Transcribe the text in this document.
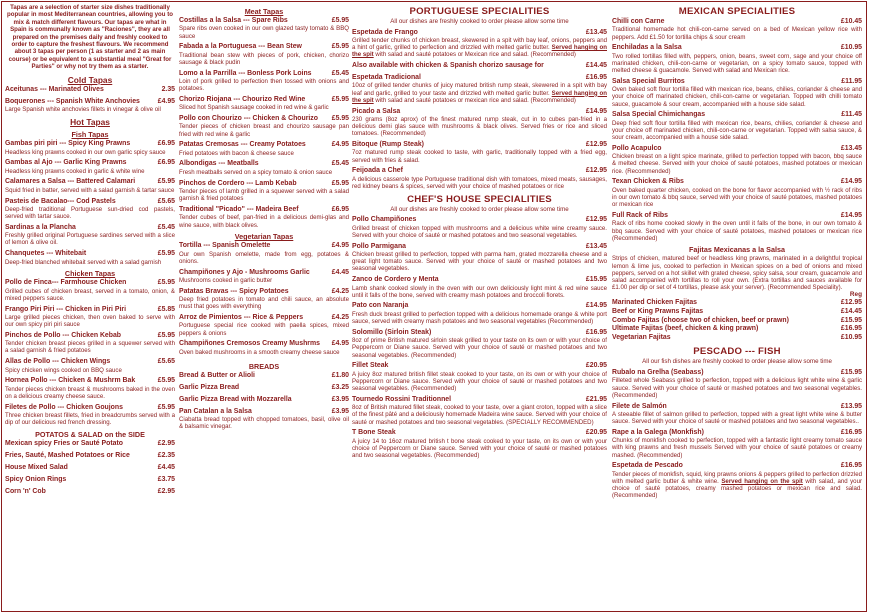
Tapas are a selection of starter size dishes traditionally popular in most Mediterranean countries, allowing you to mix & match different flavours. Our tapas are what in Spain is communally known as "Raciones", they are all prepared on the premises daily and freshly cooked to order to capture the freshest flavours. We recommend about 3 tapas per person (1 as starter and 2 as main course) or be equivalent to a substantial meal "Great for Parties" or why not try them as a starter.
Cold Tapas
Aceitunas --- Marinated Olives	2.35
Boquerones --- Spanish White Anchovies	£4.95
Large Spanish white anchovies fillets in vinegar & olive oil
Hot Tapas
Fish Tapas
Gambas piri piri --- Spicy King Prawns	£6.95
Headless king prawns cooked in our own garlic spicy sauce
Gambas al Ajo --- Garlic King Prawns	£6.95
Headless king prawns cooked in garlic & white wine
Calamares a Salsa --- Battered Calamari	£5.95
Squid fried in batter, served with a salad garnish & tartar sauce
Pasteis de Bacalao--- Cod Pastels	£5.65
Deep-fried traditional Portuguese sun-dried cod pastels, served with tartar sauce.
Sardinas a la Plancha	£5.45
Freshly grilled original Portuguese sardines served with a slice of lemon & olive oil.
Chanquetes --- Whitebait	£5.95
Deep-fried blanched whitebait served with a salad garnish
Chicken Tapas
Pollo de Finca--- Farmhouse Chicken	£5.95
Grilled cubes of chicken breast, served in a tomato, onion, & mixed peppers sauce.
Frango Piri Piri --- Chicken in Piri Piri	£5.85
Large grilled pieces chicken, then oven baked to serve with our own spicy piri piri sauce
Pinchos de Pollo --- Chicken Kebab	£5.95
Tender chicken breast pieces grilled in a squewer served with a salad garnish & fried potatoes
Allas de Pollo --- Chicken Wings	£5.65
Spicy chicken wings cooked on BBQ sauce
Hornea Pollo --- Chicken & Mushrm Bak	£5.95
Tender pieces chicken breast & mushrooms baked in the oven on a delicious creamy cheese sauce.
Filetes de Pollo --- Chicken Goujons	£5.95
Three chicken breast fillets, fried in breadcrumbs served with a dip of our delicious red french dressing.
POTATOS & SALAD on the SIDE
Mexican spicy Fries or Sauté Potato	£2.95
Fries, Sauté, Mashed Potatoes or Rice	£2.35
House Mixed Salad	£4.45
Spicy Onion Rings	£3.75
Corn 'n' Cob	£2.95
Meat Tapas
Costillas a la Salsa --- Spare Ribs	£5.95
Spare ribs oven cooked in our own glazed tasty tomato & BBQ sauce
Fabada a la Portuguesa --- Bean Stew	£5.95
Traditional bean stew with pieces of pork, chicken, chorizo sausage & black pudin
Lomo a la Parrilla --- Bonless Pork Loins	£5.45
Loin of pork grilled to perfection then tossed with onions and potatoes.
Chorizo Riojana --- Chourizo Red Wine	£5.95
Sliced hot Spanish sausage cooked in red wine & garlic
Pollo con Chourizo --- Chicken & Chourizo	£5.95
Tender pieces of chicken breast and chourizo sausage pan fried with red wine & garlic
Patatas Cremosas --- Creamy Potatoes	£4.95
Fried potatoes with bacon & cheese sauce
Albondigas --- Meatballs	£5.45
Fresh meatballs served on a spicy tomato & onion sauce
Pinchos de Cordero --- Lamb Kebab	£5.95
Tender pieces of lamb grilled in a squewer served with a salad garnish & fried potatoes
Traditional "Picado" --- Madeira Beef	£6.95
Tender cubes of beef, pan-fried in a delicious demi-glas and wine sauce, with black olives.
Vegetarian Tapas
Tortilla --- Spanish Omelette	£4.95
Our own Spanish omelette, made from egg, potatoes & onions.
Champiñones y Ajo - Mushrooms Garlic	£4.45
Mushrooms cooked in garlic butter
Patatas Bravas --- Spicy Potatoes	£4.25
Deep fried potatoes in tomato and chili sauce, an absolute must that goes with everything
Arroz de Pimientos --- Rice & Peppers	£4.25
Portuguese special rice cooked with paella spices, mixed peppers & onions
Champiñones Cremosos Creamy Mushrms	£4.95
Oven baked mushrooms in a smooth creamy cheese sauce
BREADS
Bread & Butter or Alioli	£1.80
Garlic Pizza Bread	£3.25
Garlic Pizza Bread with Mozzarella	£3.95
Pan Catalan a la Salsa	£3.95
Ciabatta bread topped with chopped tomatoes, basil, olive oil & balsamic vinegar.
PORTUGUESE SPECIALITIES
All our dishes are freshly cooked to order please allow some time
Espetada de Frango	£13.45
Grilled tender chunks of chicken breast, skewered in a spit with bay leaf, onions, peppers and a hint of garlic, grilled to perfection and drizzled with melted garlic butter. Served hanging on the spit with salad and sauté potatoes or Mexican rice and salad. (Recommended)
Also available with chicken & Spanish chorizo sausage for	£14.45
Espetada Tradicional	£16.95
10oz of grilled tender chunks of juicy matured british rump steak, skewered in a spit with bay leaf and garlic, grilled to your taste and drizzled with melted garlic butter. Served hanging on the spit with salad and sauté potatoes or mexican rice and salad. (Recommended)
Picado a Salsa	£14.95
230 grams (8oz aprox) of the finest matured rump steak, cut in to cubes pan-fried in a delicious demi glas sauce with mushrooms & black olives. Served fries or rice and sliced tomatoes. (Recommended)
Bitoque (Rump Steak)	£12.95
7oz matured rump steak cooked to taste, with garlic, traditionally topped with a fried egg, served with fries & salad.
Feijoada a Chef	£12.95
A delicious casserole type Portuguese traditional dish with tomatoes, mixed meats, sausages, red kidney beans & spices, served with your choice of mashed potatoes or rice
CHEF'S HOUSE SPECIALITIES
All our dishes are freshly cooked to order please allow some time
Pollo Champiñones	£12.95
Grilled breast of chicken topped with mushrooms and a delicious white wine creamy sauce. Served with your choice of sauté or mashed potatoes and two seasonal vegetables.
Pollo Parmigana	£13.45
Chicken breast grilled to perfection, topped with parma ham, grated mozzarella cheese and a great light tomato sauce. Served with your choice of sauté or mashed potatoes and two seasonal vegetables.
Zanco de Cordero y Menta	£15.95
Lamb shank cooked slowly in the oven with our own deliciously light mint & red wine sauce until it falls of the bone, served with creamy mash potatoes and broccoli florets.
Pato con Naranja	£14.95
Fresh duck breast grilled to perfection topped with a delicious homemade orange & white port sauce, served with creamy mash potatoes and two seasonal vegetables (Recommended)
Solomillo (Sirloin Steak)	£16.95
8oz of prime British matured sirloin steak grilled to your taste on its own or with your choice of Peppercorn or Diane sauce. Served with your choice of sauté or mashed potatoes and two seasonal vegetables. (Recommended)
Fillet Steak	£20.95
A juicy 8oz matured british fillet steak cooked to your taste, on its own or with your choice of Peppercorn or Diane sauce. Served with your choice of sauté or mashed potatoes and two seasonal vegetables. (Recommended)
Tournedo Rossini Traditionnel	£21.95
8oz of British matured fillet steak, cooked to your taste, over a giant croton, topped with a slice of the finest pâté and a deliciously homemade Madeira wine sauce. Served with your choice of sauté or mashed potatoes and two seasonal vegetables. (SPECIALLY RECOMMENDED)
T Bone Steak	£20.95
A juicy 14 to 16oz matured british t bone steak cooked to your taste, on its own or with your choice of Peppercorn or Diane sauce. Served with your choice of sauté or mashed potatoes and two seasonal vegetables. (Recommended)
MEXICAN SPECIALITIES
Chilli con Carne	£10.45
Traditional homemade hot chili-con-carne served on a bed of Mexican yellow rice with peppers. Add £1.50 for tortilla chips & sour cream
Enchiladas a la Salsa	£10.95
Two rolled tortillas filled with, peppers, onion, beans, sweet corn, sage and your choice off marinated chicken, chili-con-carne or vegetarian, on a spicy tomato sauce, topped with melted cheese & guacamole. Served with salad and Mexican rice.
Salsa Special Burritos	£11.95
Oven baked soft flour tortilla filled with mexican rice, beans, chilies, coriander & cheese and your choice off marinated chicken, chili-con-carne or vegetarian. Topped with chilli tomato sauce, guacamole & sour cream, accompanied with a house side salad.
Salsa Special Chimichangas	£11.45
Deep fried soft flour tortilla filled with mexican rice, beans, chilies, coriander & cheese and your choice off marinated chicken, chili-con-carne or vegetarian. Topped with salsa sauce, & sour cream, accompanied with a house side salad.
Pollo Acapulco	£13.45
Chicken breast on a light spice marinate, grilled to perfection topped with bacon, bbq sauce & melted cheese. Served with your choice of sauté potatoes, mashed potatoes or mexican rice. (Recommended)
Texan Chicken & Ribs	£14.95
Oven baked quarter chicken, cooked on the bone for flavor accompanied with ½ rack of ribs in our own tomato & bbq sauce, served with your choice of sauté potatoes, mashed potatoes or mexican rice
Full Rack of Ribs	£14.95
Rack of ribs home cooked slowly in the oven until it falls of the bone, in our own tomato & bbq sauce. Served with your choice of sauté potatoes, mashed potatoes or mexican rice (Recommended)
Fajitas Mexicanas a la Salsa
Strips of chicken, matured beef or headless king prawns, marinated in a delightful tropical lemon & lime jus, cooked to perfection in Mexican spices on a bed of onions and mixed peppers, served on a hot skillet with grated cheese, spicy salsa, sour cream, guacamole and salad accompanied with tortillas to roll your own. (Extra tortillas and sauces available for £1.00 per dip or set of 4 tortillas, please ask your server). (Recommended Speciality).
Reg
Marinated Chicken Fajitas	£12.95
Beef or King Prawns Fajitas	£14.45
Combo Fajitas (choose two of chicken, beef or prawn)	£15.95
Ultimate Fajitas (beef, chicken & king prawn)	£16.95
Vegetarian Fajitas	£10.95
PESCADO --- FISH
All our fish dishes are freshly cooked to order please allow some time
Rubalo na Grelha (Seabass)	£15.95
Filleted whole Seabass grilled to perfection, topped with a delicious light white wine & garlic sauce. Served with your choice of sauté or mashed potatoes and two seasonal vegetables. (Recommended)
Filete de Salmón	£13.95
A steeable fillet of salmon grilled to perfection, topped with a great light white wine & butter sauce. Served with your choice of sauté or mashed potatoes and two seasonal vegetables..
Rape a la Galega (Monkfish)	£16.95
Chunks of monkfish cooked to perfection, topped with a fantastic light creamy tomato sauce with king prawns and fresh mussels Served with your choice of sauté potatoes or creamy mashed. (Recommended)
Espetada de Pescado	£16.95
Tender pieces of monkfish, squid, king prawns onions & peppers grilled to perfection drizzled with melted garlic butter & white wine. Served hanging on the spit with salad, and your choice of sauté potatoes, creamy mashed potatoes or mexican rice and salad. (Recommended)
